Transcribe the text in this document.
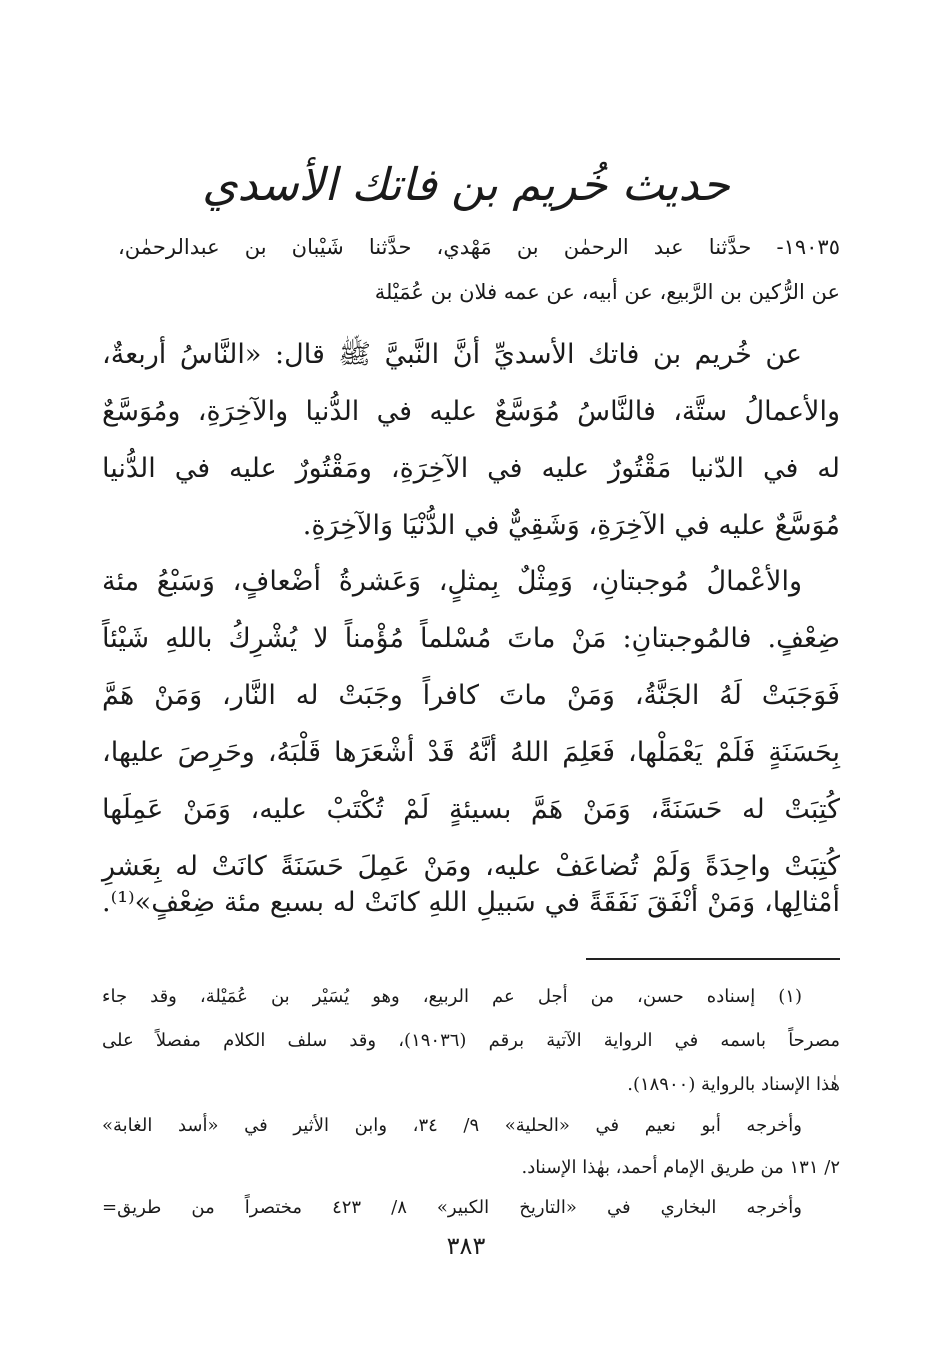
حديث خُريم بن فاتك الأسدي
١٩٠٣٥- حدَّثنا عبد الرحمٰن بن مَهْدي، حدَّثنا شَيْبان بن عبدالرحمٰن،
عن الرُّكين بن الرَّبيع، عن أبيه، عن عمه فلان بن عُمَيْلة
عن خُريم بن فاتك الأسديِّ أنَّ النَّبيَّ ﷺ قال: «النَّاسُ أربعةٌ،
والأعمالُ ستَّة، فالنَّاسُ مُوَسَّعٌ عليه في الدُّنيا والآخِرَةِ، ومُوَسَّعٌ
له في الدّنيا مَقْتُورٌ عليه في الآخِرَةِ، ومَقْتُورٌ عليه في الدُّنيا
مُوَسَّعٌ عليه في الآخِرَةِ، وَشَقِيٌّ في الدُّنْيَا وَالآخِرَةِ.
والأعْمالُ مُوجبتانِ، وَمِثْلٌ بِمثلٍ، وَعَشرةُ أضْعافٍ، وَسَبْعُ مئة
ضِعْفٍ. فالمُوجبتانِ: مَنْ ماتَ مُسْلماً مُؤْمناً لا يُشْرِكُ باللهِ شَيْئاً
فَوَجَبَتْ لَهُ الجَنَّةُ، وَمَنْ ماتَ كافراً وجَبَتْ له النَّار، وَمَنْ هَمَّ
بِحَسَنَةٍ فَلَمْ يَعْمَلْها، فَعَلِمَ اللهُ أنَّهُ قَدْ أشْعَرَها قَلْبَهُ، وحَرِصَ عليها،
كُتِبَتْ له حَسَنَةً، وَمَنْ هَمَّ بسيئةٍ لَمْ تُكْتَبْ عليه، وَمَنْ عَمِلَها
كُتِبَتْ واحِدَةً وَلَمْ تُضاعَفْ عليه، ومَنْ عَمِلَ حَسَنَةً كانَتْ له بِعَشرِ
أمْثالِها، وَمَنْ أنْفَقَ نَفَقَةً في سَبيلِ اللهِ كانَتْ له بسبع مئة ضِعْفٍ»⁽¹⁾.
(١) إسناده حسن، من أجل عم الربيع، وهو يُسَيْر بن عُمَيْلة، وقد جاء
مصرحاً باسمه في الرواية الآتية برقم (١٩٠٣٦)، وقد سلف الكلام مفصلاً على
هٰذا الإسناد بالرواية (١٨٩٠٠).
وأخرجه أبو نعيم في «الحلية» ٩/ ٣٤، وابن الأثير في «أسد الغابة»
٢/ ١٣١ من طريق الإمام أحمد، بهٰذا الإسناد.
وأخرجه البخاري في «التاريخ الكبير» ٨/ ٤٢٣ مختصراً من طريق=
٣٨٣
